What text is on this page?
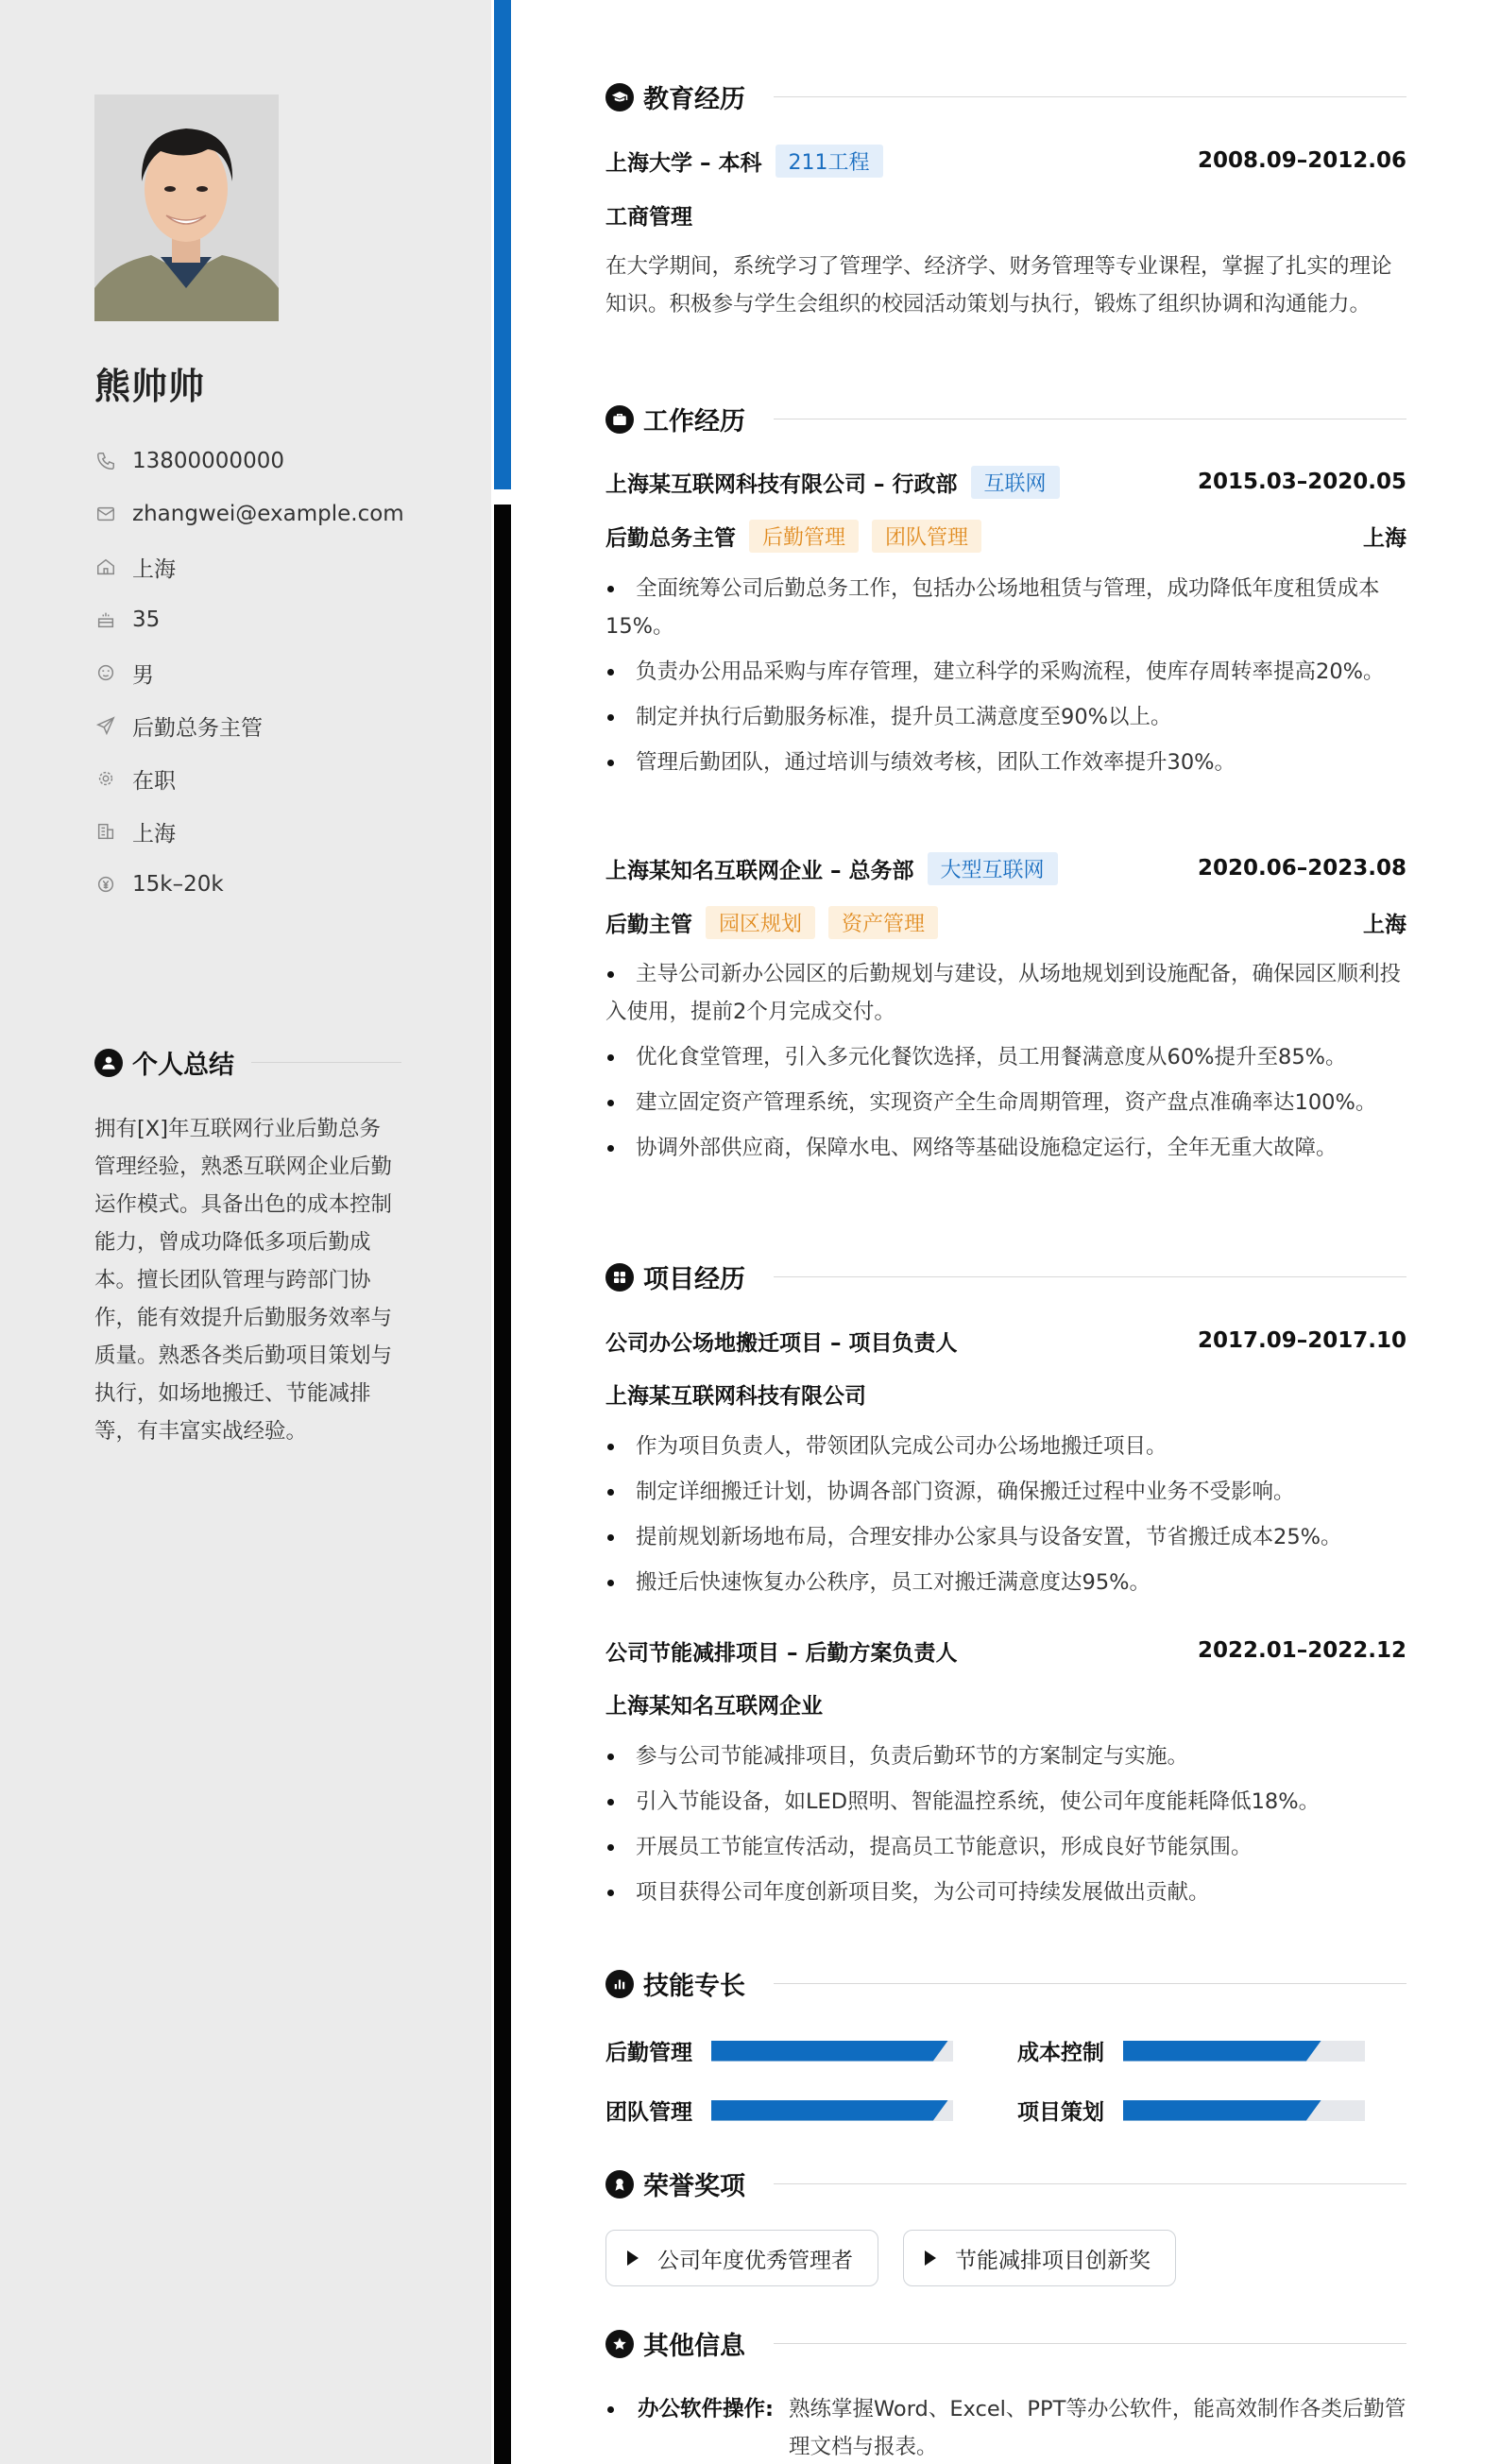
熊帅帅
13800000000
zhangwei@example.com
上海
35
男
后勤总务主管
在职
上海
15k–20k
个人总结
拥有[X]年互联网行业后勤总务管理经验，熟悉互联网企业后勤运作模式。具备出色的成本控制能力，曾成功降低多项后勤成本。擅长团队管理与跨部门协作，能有效提升后勤服务效率与质量。熟悉各类后勤项目策划与执行，如场地搬迁、节能减排等，有丰富实战经验。
教育经历
上海大学 – 本科	211工程	2008.09–2012.06
工商管理
在大学期间，系统学习了管理学、经济学、财务管理等专业课程，掌握了扎实的理论知识。积极参与学生会组织的校园活动策划与执行，锻炼了组织协调和沟通能力。
工作经历
上海某互联网科技有限公司 – 行政部	互联网	2015.03–2020.05
后勤总务主管	后勤管理	团队管理	上海
全面统筹公司后勤总务工作，包括办公场地租赁与管理，成功降低年度租赁成本15%。
负责办公用品采购与库存管理，建立科学的采购流程，使库存周转率提高20%。
制定并执行后勤服务标准，提升员工满意度至90%以上。
管理后勤团队，通过培训与绩效考核，团队工作效率提升30%。
上海某知名互联网企业 – 总务部	大型互联网	2020.06–2023.08
后勤主管	园区规划	资产管理	上海
主导公司新办公园区的后勤规划与建设，从场地规划到设施配备，确保园区顺利投入使用，提前2个月完成交付。
优化食堂管理，引入多元化餐饮选择，员工用餐满意度从60%提升至85%。
建立固定资产管理系统，实现资产全生命周期管理，资产盘点准确率达100%。
协调外部供应商，保障水电、网络等基础设施稳定运行，全年无重大故障。
项目经历
公司办公场地搬迁项目 – 项目负责人	2017.09–2017.10
上海某互联网科技有限公司
作为项目负责人，带领团队完成公司办公场地搬迁项目。
制定详细搬迁计划，协调各部门资源，确保搬迁过程中业务不受影响。
提前规划新场地布局，合理安排办公家具与设备安置，节省搬迁成本25%。
搬迁后快速恢复办公秩序，员工对搬迁满意度达95%。
公司节能减排项目 – 后勤方案负责人	2022.01–2022.12
上海某知名互联网企业
参与公司节能减排项目，负责后勤环节的方案制定与实施。
引入节能设备，如LED照明、智能温控系统，使公司年度能耗降低18%。
开展员工节能宣传活动，提高员工节能意识，形成良好节能氛围。
项目获得公司年度创新项目奖，为公司可持续发展做出贡献。
技能专长
后勤管理	成本控制
团队管理	项目策划
荣誉奖项
公司年度优秀管理者	节能减排项目创新奖
其他信息
办公软件操作: 熟练掌握Word、Excel、PPT等办公软件，能高效制作各类后勤管理文档与报表。
